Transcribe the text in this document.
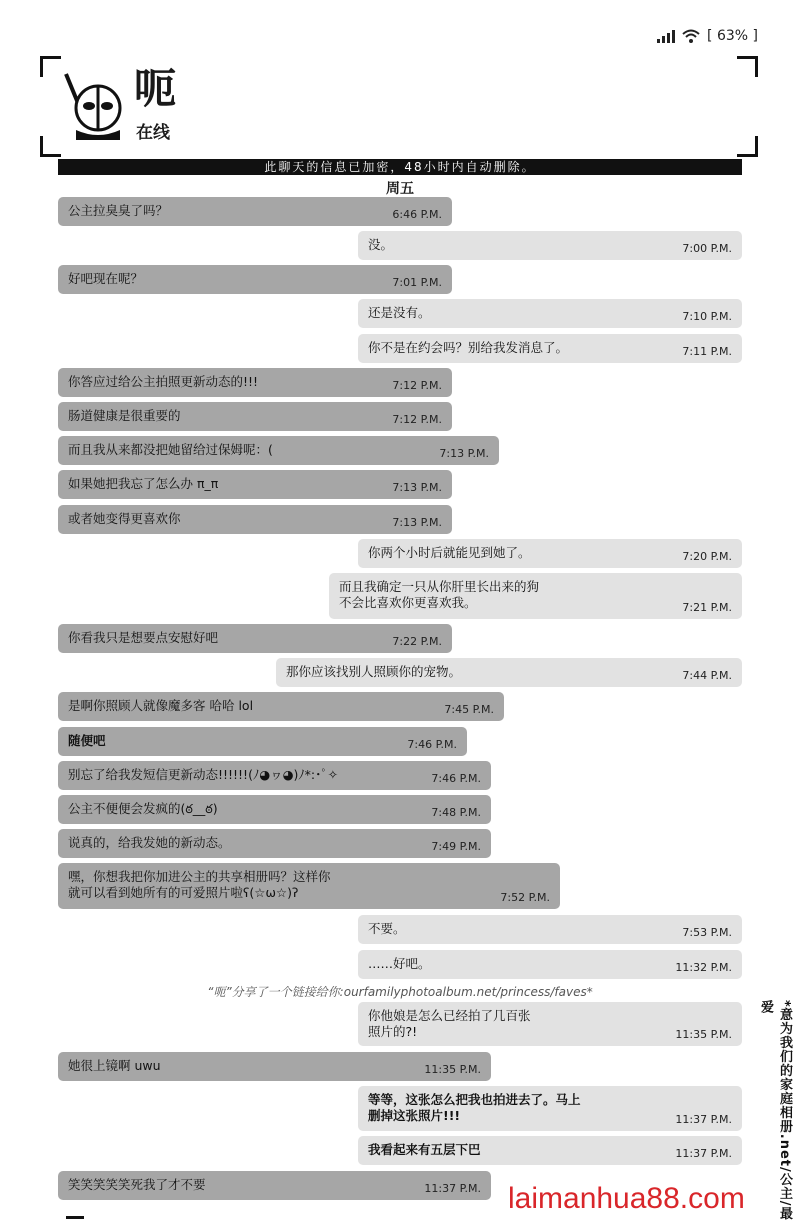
[ 63% ]
呃
在线
此聊天的信息已加密，48小时内自动删除。
周五
公主拉臭臭了吗？	6:46 P.M.
没。	7:00 P.M.
好吧现在呢？	7:01 P.M.
还是没有。	7:10 P.M.
你不是在约会吗？别给我发消息了。	7:11 P.M.
你答应过给公主拍照更新动态的!!!	7:12 P.M.
肠道健康是很重要的	7:12 P.M.
而且我从来都没把她留给过保姆呢：(	7:13 P.M.
如果她把我忘了怎么办 π_π	7:13 P.M.
或者她变得更喜欢你	7:13 P.M.
你两个小时后就能见到她了。	7:20 P.M.
而且我确定一只从你肝里长出来的狗
不会比喜欢你更喜欢我。	7:21 P.M.
你看我只是想要点安慰好吧	7:22 P.M.
那你应该找别人照顾你的宠物。	7:44 P.M.
是啊你照顾人就像魔多客 哈哈 lol	7:45 P.M.
随便吧	7:46 P.M.
别忘了给我发短信更新动态!!!!!!(ﾉ◕ヮ◕)ﾉ*:･ﾟ✧	7:46 P.M.
公主不便便会发疯的(ఠ__ఠ)	7:48 P.M.
说真的，给我发她的新动态。	7:49 P.M.
嘿，你想我把你加进公主的共享相册吗？这样你
就可以看到她所有的可爱照片啦ʕ(☆ω☆)ʔ	7:52 P.M.
不要。	7:53 P.M.
……好吧。	11:32 P.M.
“呃”分享了一个链接给你:ourfamilyphotoalbum.net/princess/faves*
你他娘是怎么已经拍了几百张
照片的?!	11:35 P.M.
她很上镜啊 uwu	11:35 P.M.
等等，这张怎么把我也拍进去了。马上
删掉这张照片!!!	11:37 P.M.
我看起来有五层下巴	11:37 P.M.
笑笑笑笑笑死我了才不要	11:37 P.M.	*意为我们的家庭相册.net/公主/最爱
laimanhua88.com
